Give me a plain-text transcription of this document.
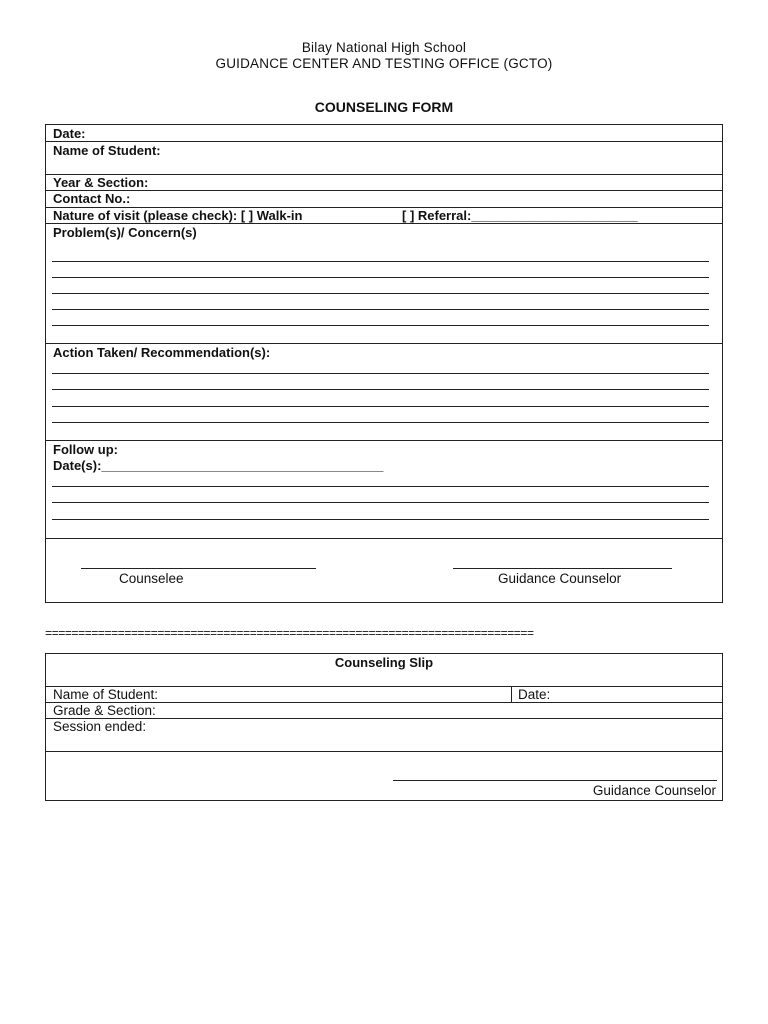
Bilay National High School
GUIDANCE CENTER AND TESTING OFFICE (GCTO)
COUNSELING FORM
Date:
Name of Student:
Year & Section:
Contact No.:
Nature of visit (please check): [ ] Walk-in	[ ] Referral:_______________________
Problem(s)/ Concern(s)
Action Taken/ Recommendation(s):
Follow up:
Date(s):_______________________________________
Counselee	Guidance Counselor
==========================================================================
Counseling Slip
Name of Student:	Date:
Grade & Section:
Session ended:
Guidance Counselor
